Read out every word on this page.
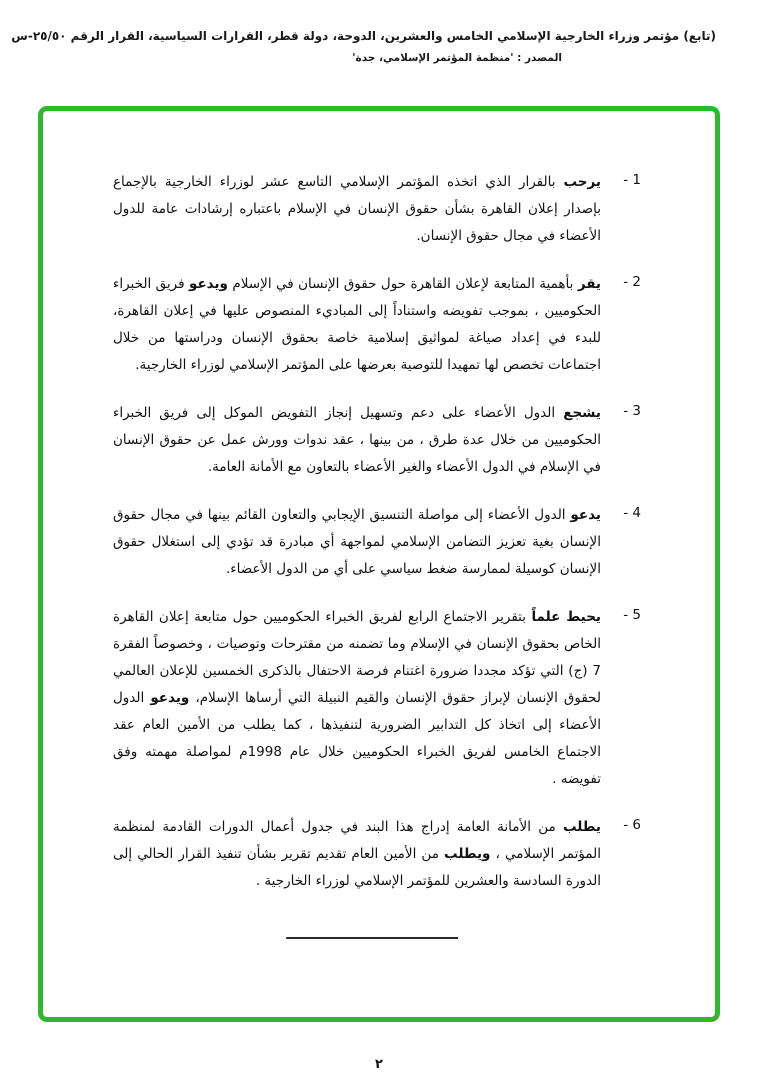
(تابع) مؤتمر وزراء الخارجية الإسلامي الخامس والعشرين، الدوحة، دولة قطر، القرارات السياسية، القرار الرقم ٢٥/٥٠-س
المصدر : 'منظمة المؤتمر الإسلامي، جدة'
1 -

يرحب بالقرار الذي اتخذه المؤتمر الإسلامي التاسع عشر لوزراء الخارجية بالإجماع بإصدار إعلان القاهرة بشأن حقوق الإنسان في الإسلام باعتباره إرشادات عامة للدول الأعضاء في مجال حقوق الإنسان.

2 -

يقر بأهمية المتابعة لإعلان القاهرة حول حقوق الإنسان في الإسلام ويدعو فريق الخبراء الحكوميين ، بموجب تفويضه واستناداً إلى المباديء المنصوص عليها في إعلان القاهرة، للبدء في إعداد صياغة لمواثيق إسلامية خاصة بحقوق الإنسان ودراستها من خلال اجتماعات تخصص لها تمهيدا للتوصية بعرضها على المؤتمر الإسلامي لوزراء الخارجية.

3 -

يشجع الدول الأعضاء على دعم وتسهيل إنجاز التفويض الموكل إلى فريق الخبراء الحكوميين من خلال عدة طرق ، من بينها ، عقد ندوات وورش عمل عن حقوق الإنسان في الإسلام في الدول الأعضاء والغير الأعضاء بالتعاون مع الأمانة العامة.

4 -

يدعو الدول الأعضاء إلى مواصلة التنسيق الإيجابي والتعاون القائم بينها في مجال حقوق الإنسان بغية تعزيز التضامن الإسلامي لمواجهة أي مبادرة قد تؤدي إلى استغلال حقوق الإنسان كوسيلة لممارسة ضغط سياسي على أي من الدول الأعضاء.

5 -

يحيط علماً بتقرير الاجتماع الرابع لفريق الخبراء الحكوميين حول متابعة إعلان القاهرة الخاص بحقوق الإنسان في الإسلام وما تضمنه من مقترحات وتوصيات ، وخصوصاً الفقرة 7 (ج) التي تؤكد مجددا ضرورة اغتنام فرصة الاحتفال بالذكرى الخمسين للإعلان العالمي لحقوق الإنسان لإبراز حقوق الإنسان والقيم النبيلة التي أرساها الإسلام، ويدعو الدول الأعضاء إلى اتخاذ كل التدابير الضرورية لتنفيذها ، كما يطلب من الأمين العام عقد الاجتماع الخامس لفريق الخبراء الحكوميين خلال عام 1998م لمواصلة مهمته وفق تفويضه .

6 -

يطلب من الأمانة العامة إدراج هذا البند في جدول أعمال الدورات القادمة لمنظمة المؤتمر الإسلامي ، ويطلب من الأمين العام تقديم تقرير بشأن تنفيذ القرار الحالي إلى الدورة السادسة والعشرين للمؤتمر الإسلامي لوزراء الخارجية .

٢
